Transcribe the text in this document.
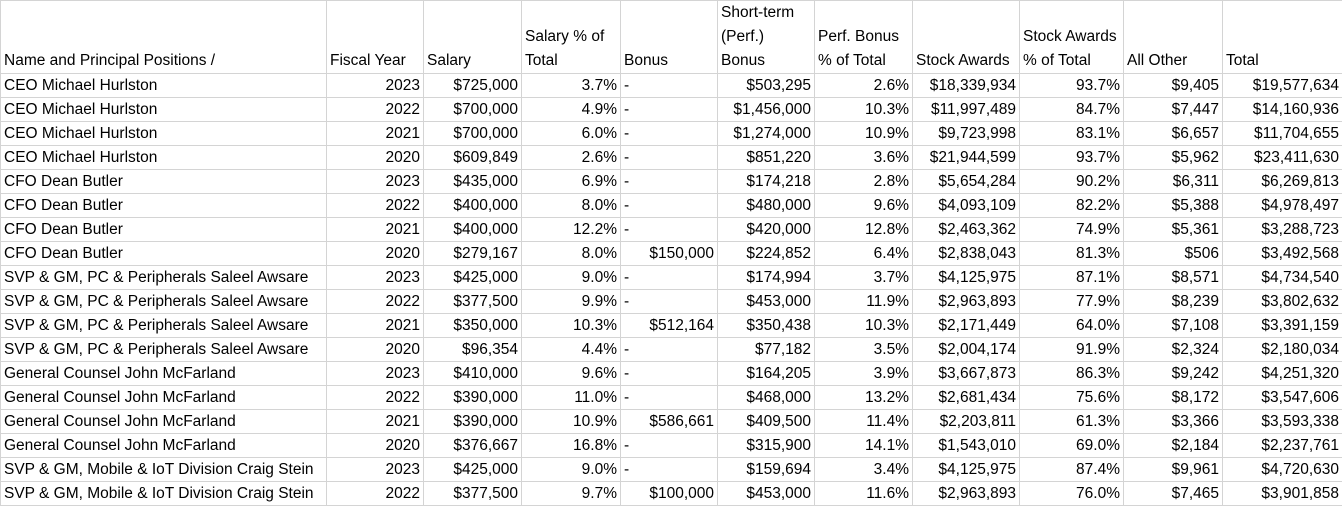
Name and Principal Positions /	Fiscal Year	Salary	Salary % of Total	Bonus	Short-term (Perf.) Bonus	Perf. Bonus % of Total	Stock Awards	Stock Awards % of Total	All Other	Total
CEO Michael Hurlston	2023	$725,000	3.7%	-	$503,295	2.6%	$18,339,934	93.7%	$9,405	$19,577,634
CEO Michael Hurlston	2022	$700,000	4.9%	-	$1,456,000	10.3%	$11,997,489	84.7%	$7,447	$14,160,936
CEO Michael Hurlston	2021	$700,000	6.0%	-	$1,274,000	10.9%	$9,723,998	83.1%	$6,657	$11,704,655
CEO Michael Hurlston	2020	$609,849	2.6%	-	$851,220	3.6%	$21,944,599	93.7%	$5,962	$23,411,630
CFO Dean Butler	2023	$435,000	6.9%	-	$174,218	2.8%	$5,654,284	90.2%	$6,311	$6,269,813
CFO Dean Butler	2022	$400,000	8.0%	-	$480,000	9.6%	$4,093,109	82.2%	$5,388	$4,978,497
CFO Dean Butler	2021	$400,000	12.2%	-	$420,000	12.8%	$2,463,362	74.9%	$5,361	$3,288,723
CFO Dean Butler	2020	$279,167	8.0%	$150,000	$224,852	6.4%	$2,838,043	81.3%	$506	$3,492,568
SVP & GM, PC & Peripherals Saleel Awsare	2023	$425,000	9.0%	-	$174,994	3.7%	$4,125,975	87.1%	$8,571	$4,734,540
SVP & GM, PC & Peripherals Saleel Awsare	2022	$377,500	9.9%	-	$453,000	11.9%	$2,963,893	77.9%	$8,239	$3,802,632
SVP & GM, PC & Peripherals Saleel Awsare	2021	$350,000	10.3%	$512,164	$350,438	10.3%	$2,171,449	64.0%	$7,108	$3,391,159
SVP & GM, PC & Peripherals Saleel Awsare	2020	$96,354	4.4%	-	$77,182	3.5%	$2,004,174	91.9%	$2,324	$2,180,034
General Counsel John McFarland	2023	$410,000	9.6%	-	$164,205	3.9%	$3,667,873	86.3%	$9,242	$4,251,320
General Counsel John McFarland	2022	$390,000	11.0%	-	$468,000	13.2%	$2,681,434	75.6%	$8,172	$3,547,606
General Counsel John McFarland	2021	$390,000	10.9%	$586,661	$409,500	11.4%	$2,203,811	61.3%	$3,366	$3,593,338
General Counsel John McFarland	2020	$376,667	16.8%	-	$315,900	14.1%	$1,543,010	69.0%	$2,184	$2,237,761
SVP & GM, Mobile & IoT Division Craig Stein	2023	$425,000	9.0%	-	$159,694	3.4%	$4,125,975	87.4%	$9,961	$4,720,630
SVP & GM, Mobile & IoT Division Craig Stein	2022	$377,500	9.7%	$100,000	$453,000	11.6%	$2,963,893	76.0%	$7,465	$3,901,858
